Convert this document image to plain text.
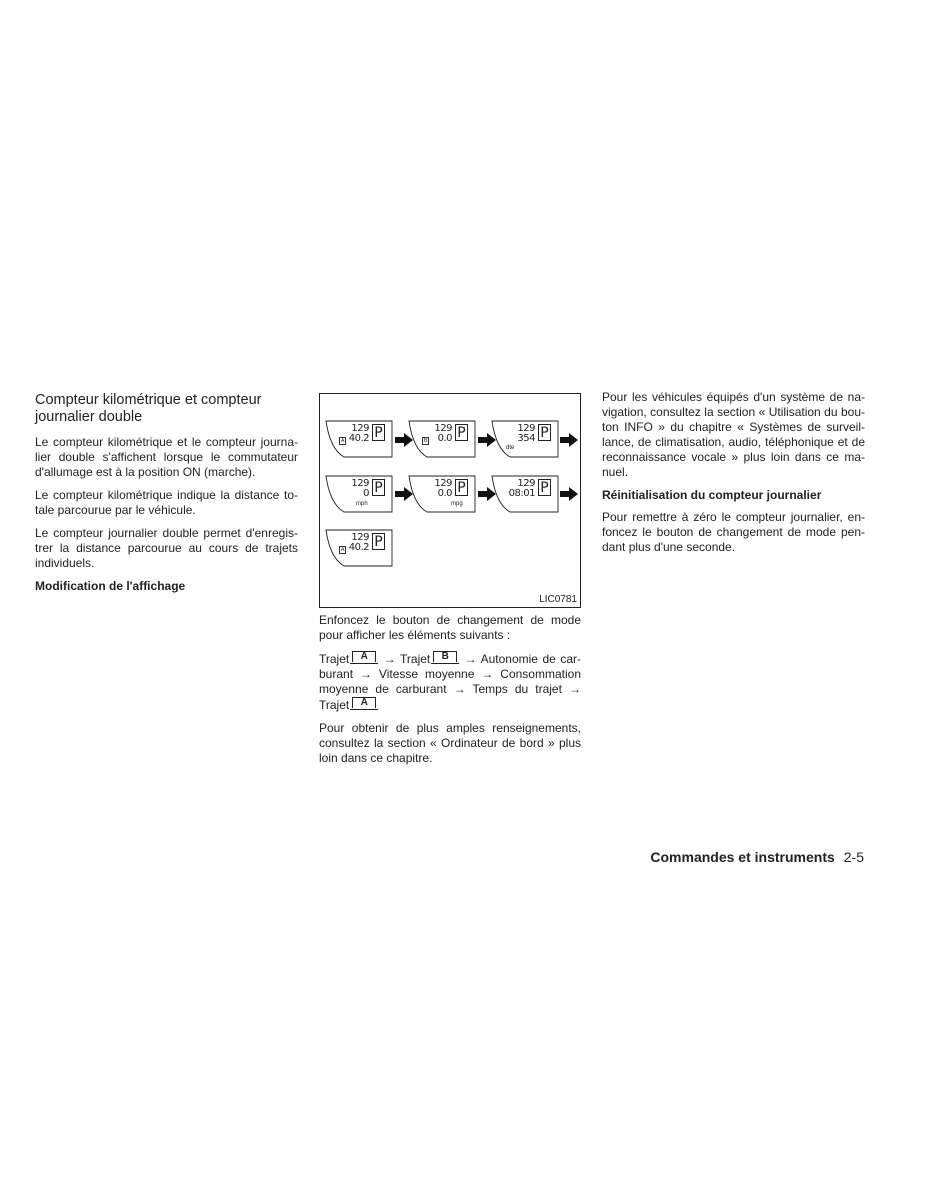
Compteur kilométrique et compteur journalier double

Le compteur kilométrique et le compteur journa-lier double s'affichent lorsque le commutateur d'allumage est à la position ON (marche).

Le compteur kilométrique indique la distance to-tale parcourue par le véhicule.

Le compteur journalier double permet d'enregis-trer la distance parcourue au cours de trajets individuels.

Modification de l'affichage

A
129
40.2 P	B
129
0.0 P	129
354 P
dte
129
0 P
mph
129
0.0 P
mpg
129
08:01 P
A
129
40.2 P
LIC0781

Enfoncez le bouton de changement de mode pour afficher les éléments suivants :

Trajet	A → Trajet	B → Autonomie de car-burant → Vitesse moyenne → Consommation moyenne de carburant → Temps du trajet → Trajet	A

Pour obtenir de plus amples renseignements, consultez la section « Ordinateur de bord » plus loin dans ce chapitre.

Pour les véhicules équipés d'un système de na-vigation, consultez la section « Utilisation du bou-ton INFO » du chapitre « Systèmes de surveil-lance, de climatisation, audio, téléphonique et de reconnaissance vocale » plus loin dans ce ma-nuel.

Réinitialisation du compteur journalier

Pour remettre à zéro le compteur journalier, en-foncez le bouton de changement de mode pen-dant plus d'une seconde.

Commandes et instruments 2-5
